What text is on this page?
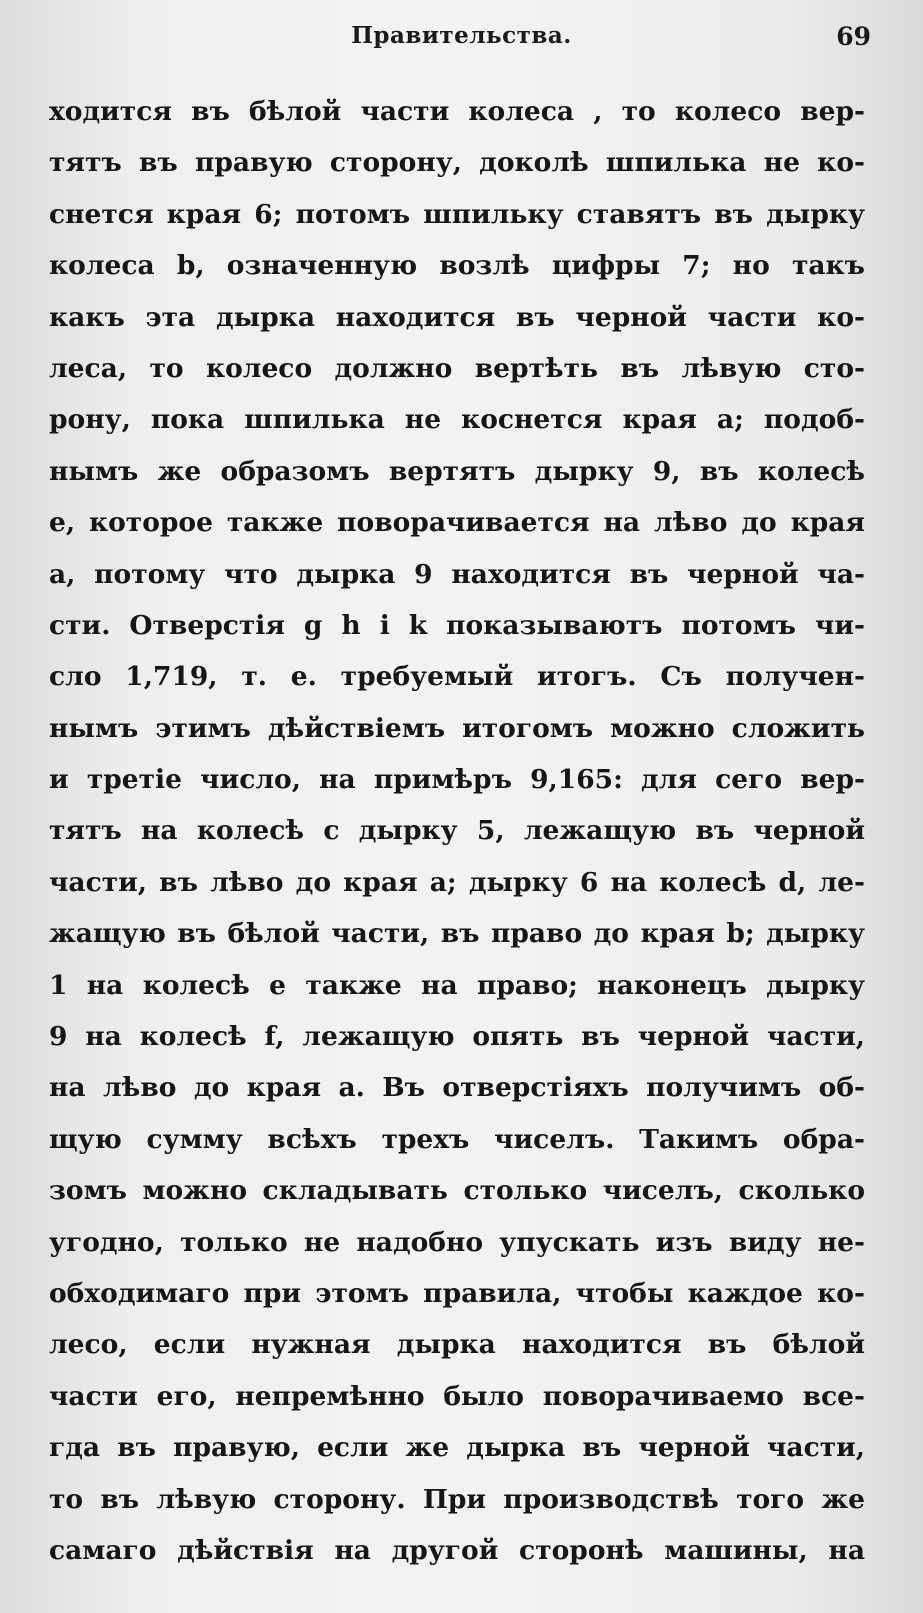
Правительства.	69
ходится въ бѣлой части колеса , то колесо вер-
тятъ въ правую сторону, доколѣ шпилька не ко-
снется края 6; потомъ шпильку ставятъ въ дырку
колеса b, означенную возлѣ цифры 7; но такъ
какъ эта дырка находится въ черной части ко-
леса, то колесо должно вертѣть въ лѣвую сто-
рону, пока шпилька не коснется края a; подоб-
нымъ же образомъ вертятъ дырку 9, въ колесѣ
e, которое также поворачивается на лѣво до края
a, потому что дырка 9 находится въ черной ча-
сти. Отверстія g h i k показываютъ потомъ чи-
сло 1,719, т. е. требуемый итогъ. Съ получен-
нымъ этимъ дѣйствіемъ итогомъ можно сложить
и третіе число, на примѣръ 9,165: для сего вер-
тятъ на колесѣ c дырку 5, лежащую въ черной
части, въ лѣво до края a; дырку 6 на колесѣ d, ле-
жащую въ бѣлой части, въ право до края b; дырку
1 на колесѣ e также на право; наконецъ дырку
9 на колесѣ f, лежащую опять въ черной части,
на лѣво до края a. Въ отверстіяхъ получимъ об-
щую сумму всѣхъ трехъ чиселъ. Такимъ обра-
зомъ можно складывать столько чиселъ, сколько
угодно, только не надобно упускать изъ виду не-
обходимаго при этомъ правила, чтобы каждое ко-
лесо, если нужная дырка находится въ бѣлой
части его, непремѣнно было поворачиваемо все-
гда въ правую, если же дырка въ черной части,
то въ лѣвую сторону. При производствѣ того же
самаго дѣйствія на другой сторонѣ машины, на
